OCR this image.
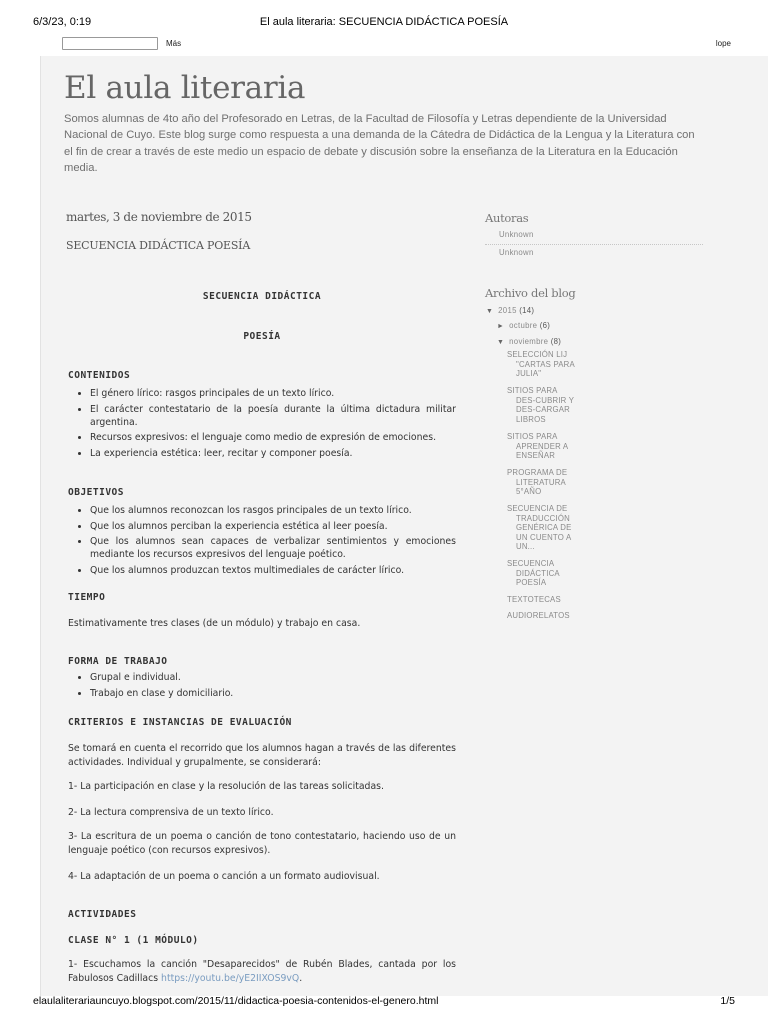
6/3/23, 0:19	El aula literaria: SECUENCIA DIDÁCTICA POESÍA
Más	lope
El aula literaria

Somos alumnas de 4to año del Profesorado en Letras, de la Facultad de Filosofía y Letras dependiente de la Universidad Nacional de Cuyo. Este blog surge como respuesta a una demanda de la Cátedra de Didáctica de la Lengua y la Literatura con el fin de crear a través de este medio un espacio de debate y discusión sobre la enseñanza de la Literatura en la Educación media.

martes, 3 de noviembre de 2015
SECUENCIA DIDÁCTICA POESÍA
SECUENCIA DIDÁCTICA
POESÍA
CONTENIDOS
• El género lírico: rasgos principales de un texto lírico.
• El carácter contestatario de la poesía durante la última dictadura militar argentina.
• Recursos expresivos: el lenguaje como medio de expresión de emociones.
• La experiencia estética: leer, recitar y componer poesía.
OBJETIVOS
• Que los alumnos reconozcan los rasgos principales de un texto lírico.
• Que los alumnos perciban la experiencia estética al leer poesía.
• Que los alumnos sean capaces de verbalizar sentimientos y emociones mediante los recursos expresivos del lenguaje poético.
• Que los alumnos produzcan textos multimediales de carácter lírico.
TIEMPO

Estimativamente tres clases (de un módulo) y trabajo en casa.

FORMA DE TRABAJO
• Grupal e individual.
• Trabajo en clase y domiciliario.
CRITERIOS E INSTANCIAS DE EVALUACIÓN

Se tomará en cuenta el recorrido que los alumnos hagan a través de las diferentes actividades. Individual y grupalmente, se considerará:

1- La participación en clase y la resolución de las tareas solicitadas.

2- La lectura comprensiva de un texto lírico.

3- La escritura de un poema o canción de tono contestatario, haciendo uso de un lenguaje poético (con recursos expresivos).

4- La adaptación de un poema o canción a un formato audiovisual.

ACTIVIDADES
CLASE N° 1 (1 MÓDULO)

1- Escuchamos la canción "Desaparecidos" de Rubén Blades, cantada por los Fabulosos Cadillacs https://youtu.be/yE2IIXOS9vQ.

Autoras
Unknown
Unknown
Archivo del blog
▼ 2015 (14)
► octubre (6)
▼ noviembre (8)
SELECCIÓN LIJ
"CARTAS PARA JULIA"
SITIOS PARA
DES-CUBRIR Y DES-CARGAR LIBROS
SITIOS PARA
APRENDER A ENSEÑAR
PROGRAMA DE
LITERATURA 5°AÑO
SECUENCIA DE
TRADUCCIÓN GENÉRICA DE UN CUENTO A UN...
SECUENCIA
DIDÁCTICA POESÍA
TEXTOTECAS
AUDIORELATOS
elaulaliterariauncuyo.blogspot.com/2015/11/didactica-poesia-contenidos-el-genero.html	1/5
